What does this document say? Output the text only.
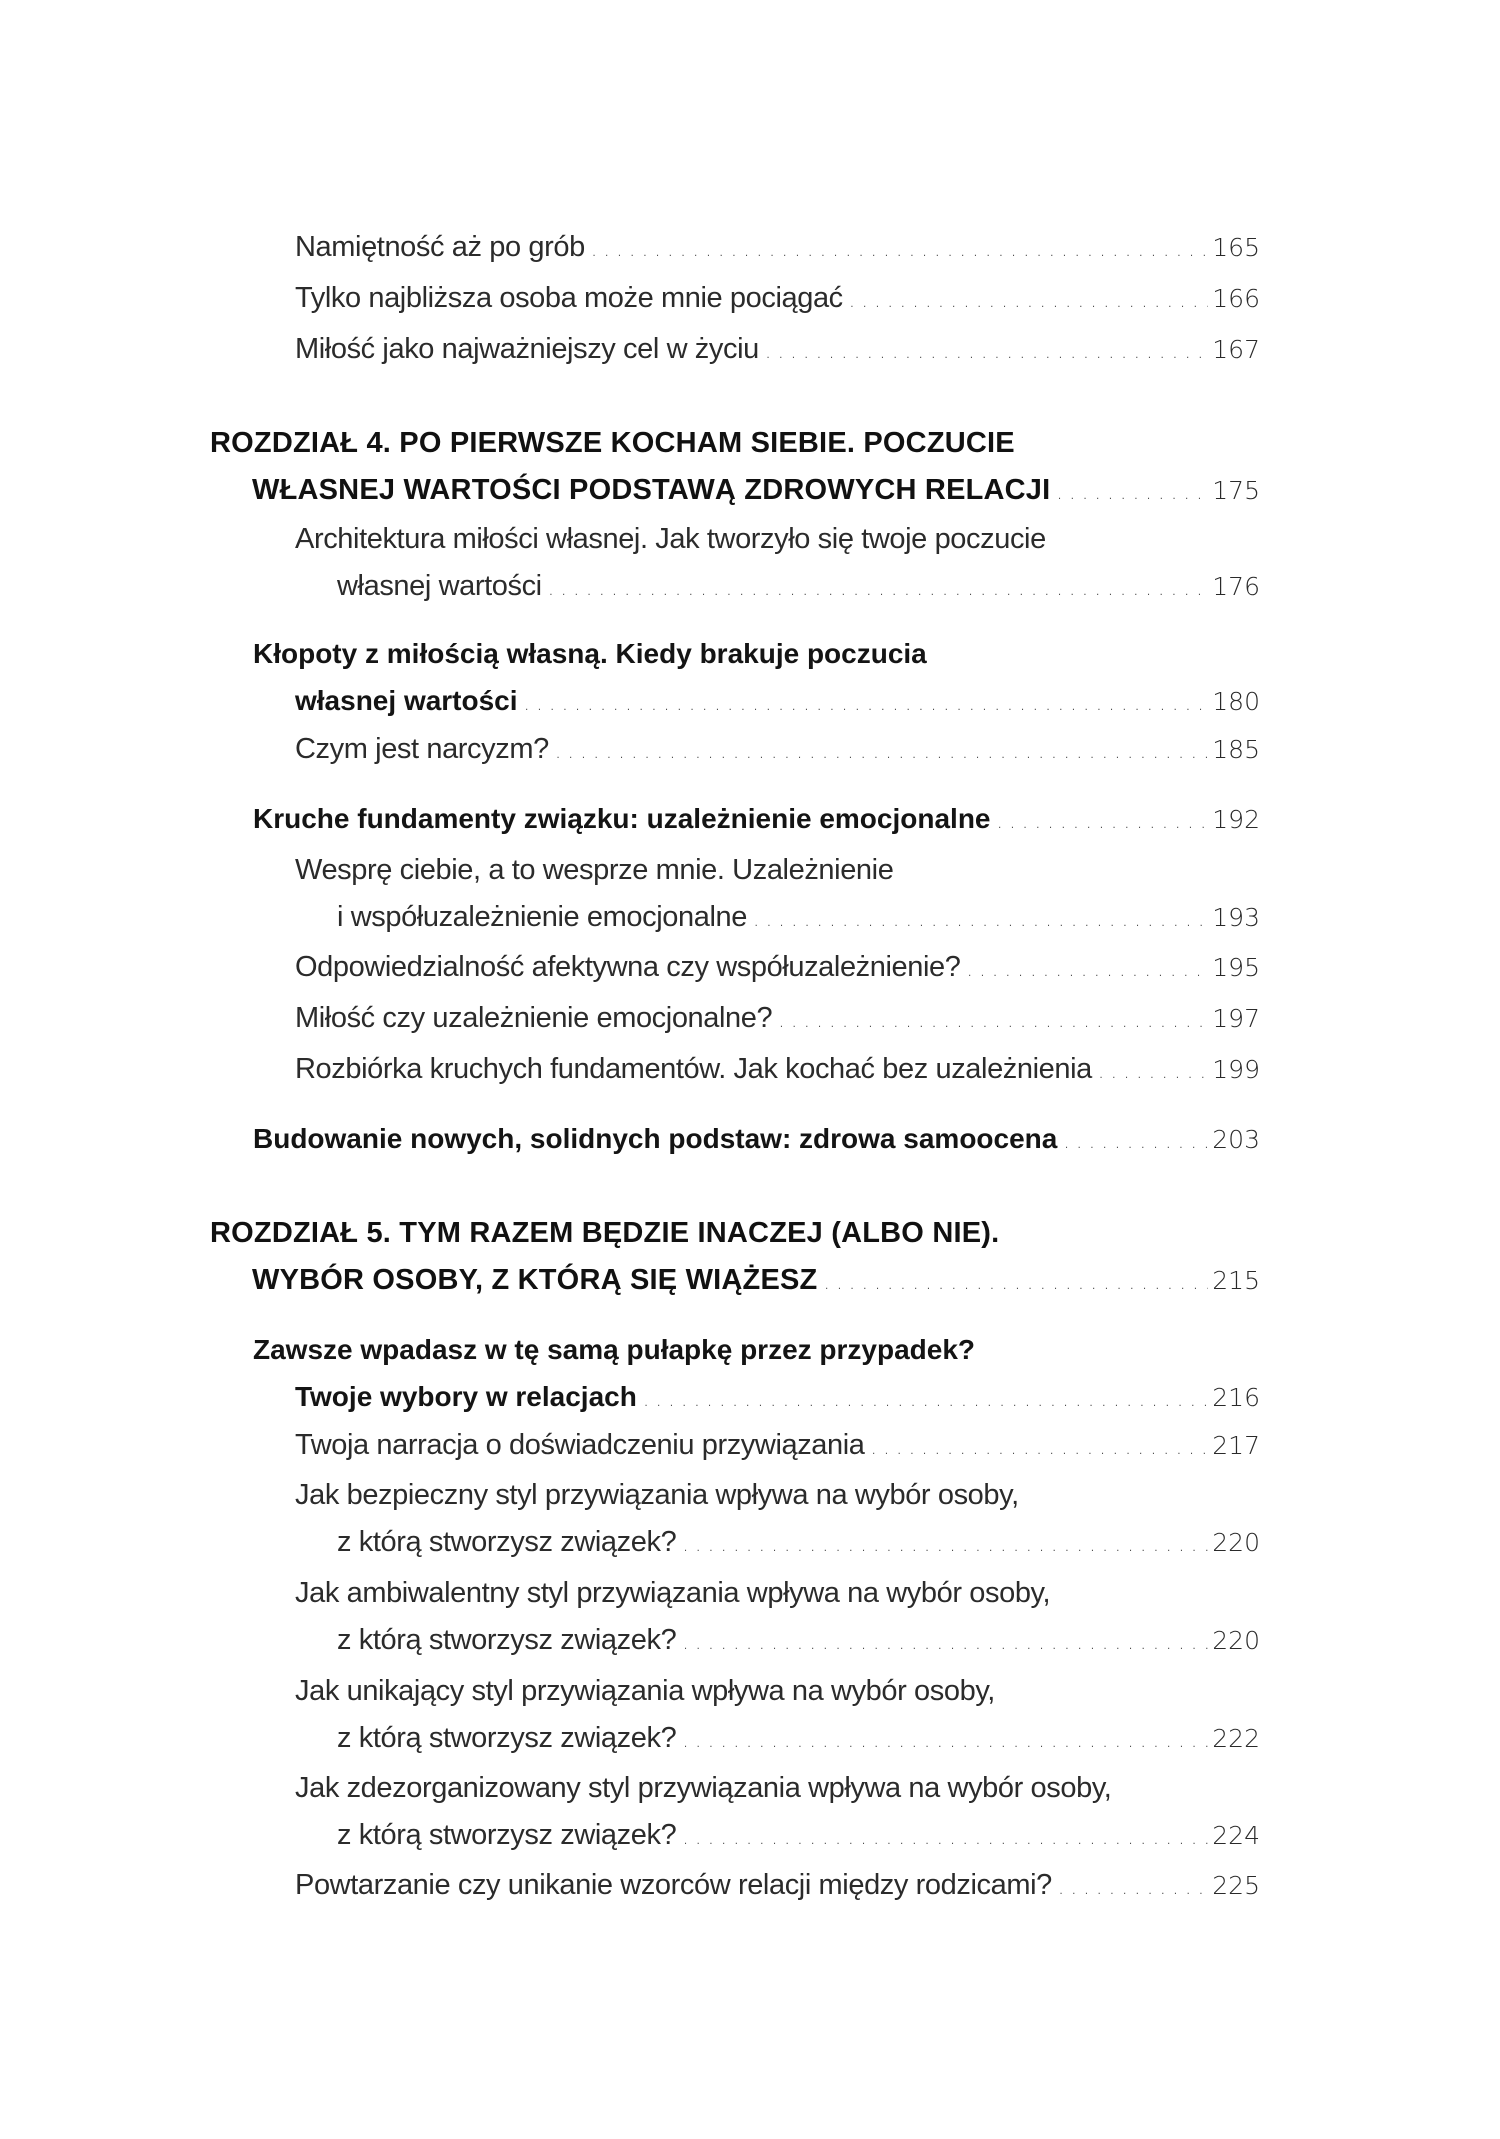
Namiętność aż po grób . . .	165
Tylko najbliższa osoba może mnie pociągać . . .	166
Miłość jako najważniejszy cel w życiu . . .	167
ROZDZIAŁ 4. PO PIERWSZE KOCHAM SIEBIE. POCZUCIE
WŁASNEJ WARTOŚCI PODSTAWĄ ZDROWYCH RELACJI . . .	175
Architektura miłości własnej. Jak tworzyło się twoje poczucie
własnej wartości . . .	176
Kłopoty z miłością własną. Kiedy brakuje poczucia
własnej wartości . . .	180
Czym jest narcyzm? . . .	185
Kruche fundamenty związku: uzależnienie emocjonalne . . .	192
Wesprę ciebie, a to wesprze mnie. Uzależnienie
i współuzależnienie emocjonalne . . .	193
Odpowiedzialność afektywna czy współuzależnienie? . . .	195
Miłość czy uzależnienie emocjonalne? . . .	197
Rozbiórka kruchych fundamentów. Jak kochać bez uzależnienia . . .	199
Budowanie nowych, solidnych podstaw: zdrowa samoocena . . .	203
ROZDZIAŁ 5. TYM RAZEM BĘDZIE INACZEJ (ALBO NIE).
WYBÓR OSOBY, Z KTÓRĄ SIĘ WIĄŻESZ . . .	215
Zawsze wpadasz w tę samą pułapkę przez przypadek?
Twoje wybory w relacjach . . .	216
Twoja narracja o doświadczeniu przywiązania . . .	217
Jak bezpieczny styl przywiązania wpływa na wybór osoby,
z którą stworzysz związek? . . .	220
Jak ambiwalentny styl przywiązania wpływa na wybór osoby,
z którą stworzysz związek? . . .	220
Jak unikający styl przywiązania wpływa na wybór osoby,
z którą stworzysz związek? . . .	222
Jak zdezorganizowany styl przywiązania wpływa na wybór osoby,
z którą stworzysz związek? . . .	224
Powtarzanie czy unikanie wzorców relacji między rodzicami? . . .	225
